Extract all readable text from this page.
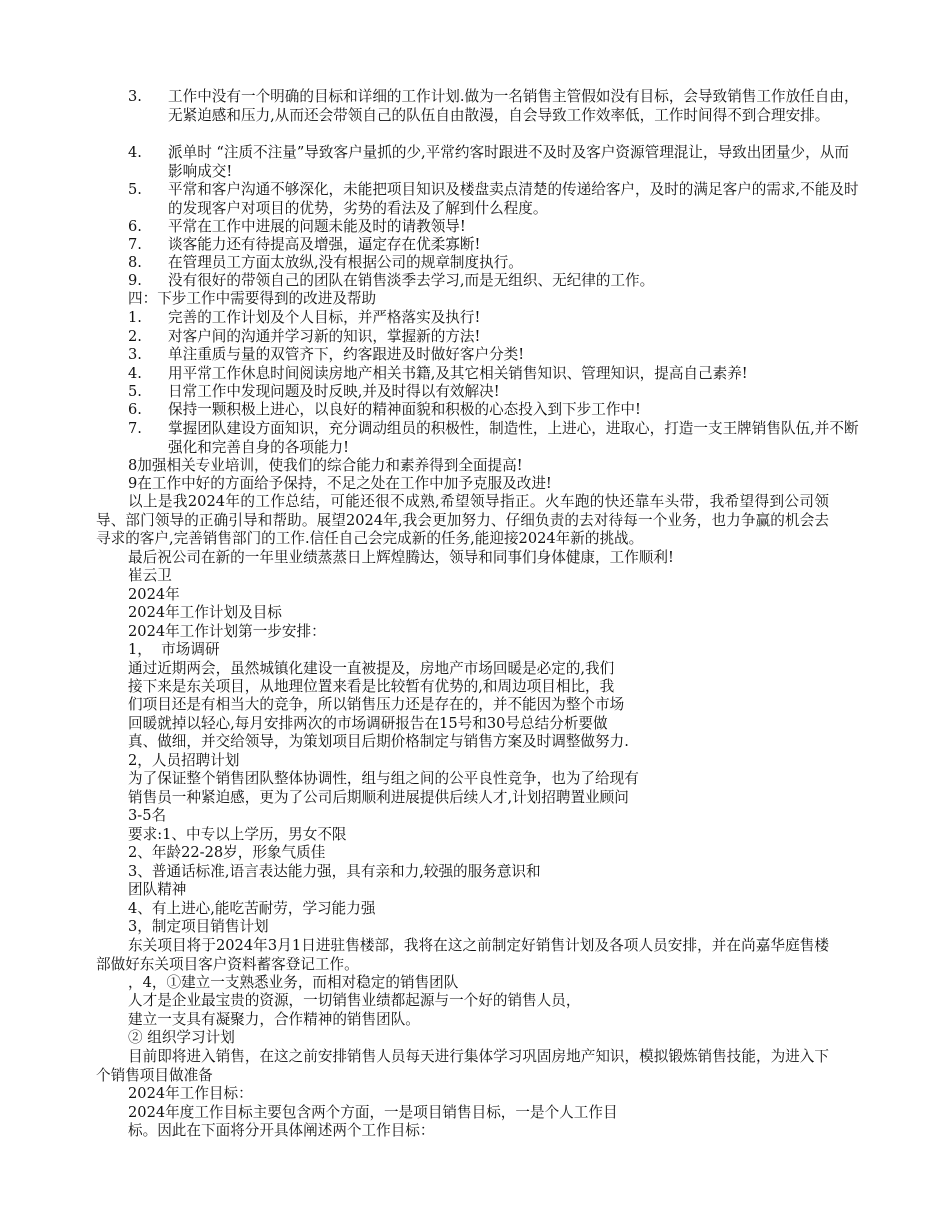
3. 工作中没有一个明确的目标和详细的工作计划.做为一名销售主管假如没有目标，会导致销售工作放任自由，无紧迫感和压力,从而还会带领自己的队伍自由散漫，自会导致工作效率低，工作时间得不到合理安排。
4. 派单时 “注质不注量”导致客户量抓的少,平常约客时跟进不及时及客户资源管理混让，导致出团量少，从而影响成交!
5. 平常和客户沟通不够深化，未能把项目知识及楼盘卖点清楚的传递给客户，及时的满足客户的需求,不能及时的发现客户对项目的优势，劣势的看法及了解到什么程度。
6. 平常在工作中进展的问题未能及时的请教领导!
7. 谈客能力还有待提高及增强，逼定存在优柔寡断!
8. 在管理员工方面太放纵,没有根据公司的规章制度执行。
9. 没有很好的带领自己的团队在销售淡季去学习,而是无组织、无纪律的工作。
四：下步工作中需要得到的改进及帮助
1. 完善的工作计划及个人目标，并严格落实及执行!
2. 对客户间的沟通并学习新的知识，掌握新的方法!
3. 单注重质与量的双管齐下，约客跟进及时做好客户分类!
4. 用平常工作休息时间阅读房地产相关书籍,及其它相关销售知识、管理知识，提高自己素养!
5. 日常工作中发现问题及时反映,并及时得以有效解决!
6. 保持一颗积极上进心，以良好的精神面貌和积极的心态投入到下步工作中!
7. 掌握团队建设方面知识，充分调动组员的积极性，制造性，上进心，进取心，打造一支王牌销售队伍,并不断强化和完善自身的各项能力!
8加强相关专业培训，使我们的综合能力和素养得到全面提高!
9在工作中好的方面给予保持，不足之处在工作中加予克服及改进!
以上是我2024年的工作总结，可能还很不成熟,希望领导指正。火车跑的快还靠车头带，我希望得到公司领导、部门领导的正确引导和帮助。展望2024年,我会更加努力、仔细负责的去对待每一个业务，也力争赢的机会去寻求的客户,完善销售部门的工作.信任自己会完成新的任务,能迎接2024年新的挑战。
最后祝公司在新的一年里业绩蒸蒸日上辉煌腾达，领导和同事们身体健康，工作顺利!
崔云卫
2024年
2024年工作计划及目标
2024年工作计划第一步安排：
1，  市场调研
通过近期两会，虽然城镇化建设一直被提及，房地产市场回暖是必定的,我们
接下来是东关项目，从地理位置来看是比较暂有优势的,和周边项目相比，我
们项目还是有相当大的竞争，所以销售压力还是存在的，并不能因为整个市场
回暖就掉以轻心,每月安排两次的市场调研报告在15号和30号总结分析要做
真、做细，并交给领导，为策划项目后期价格制定与销售方案及时调整做努力.
2，人员招聘计划
为了保证整个销售团队整体协调性，组与组之间的公平良性竞争，也为了给现有
销售员一种紧迫感，更为了公司后期顺利进展提供后续人才,计划招聘置业顾问
3-5名
要求:1、中专以上学历，男女不限
2、年龄22-28岁，形象气质佳
3、普通话标准,语言表达能力强，具有亲和力,较强的服务意识和
团队精神
4、有上进心,能吃苦耐劳，学习能力强
3，制定项目销售计划
东关项目将于2024年3月1日进驻售楼部，我将在这之前制定好销售计划及各项人员安排，并在尚嘉华庭售楼部做好东关项目客户资料蓄客登记工作。
，4，①建立一支熟悉业务，而相对稳定的销售团队
人才是企业最宝贵的资源，一切销售业绩都起源与一个好的销售人员，
建立一支具有凝聚力，合作精神的销售团队。
② 组织学习计划
目前即将进入销售，在这之前安排销售人员每天进行集体学习巩固房地产知识，模拟锻炼销售技能，为进入下个销售项目做准备
2024年工作目标：
2024年度工作目标主要包含两个方面，一是项目销售目标，一是个人工作目
标。因此在下面将分开具体阐述两个工作目标：
